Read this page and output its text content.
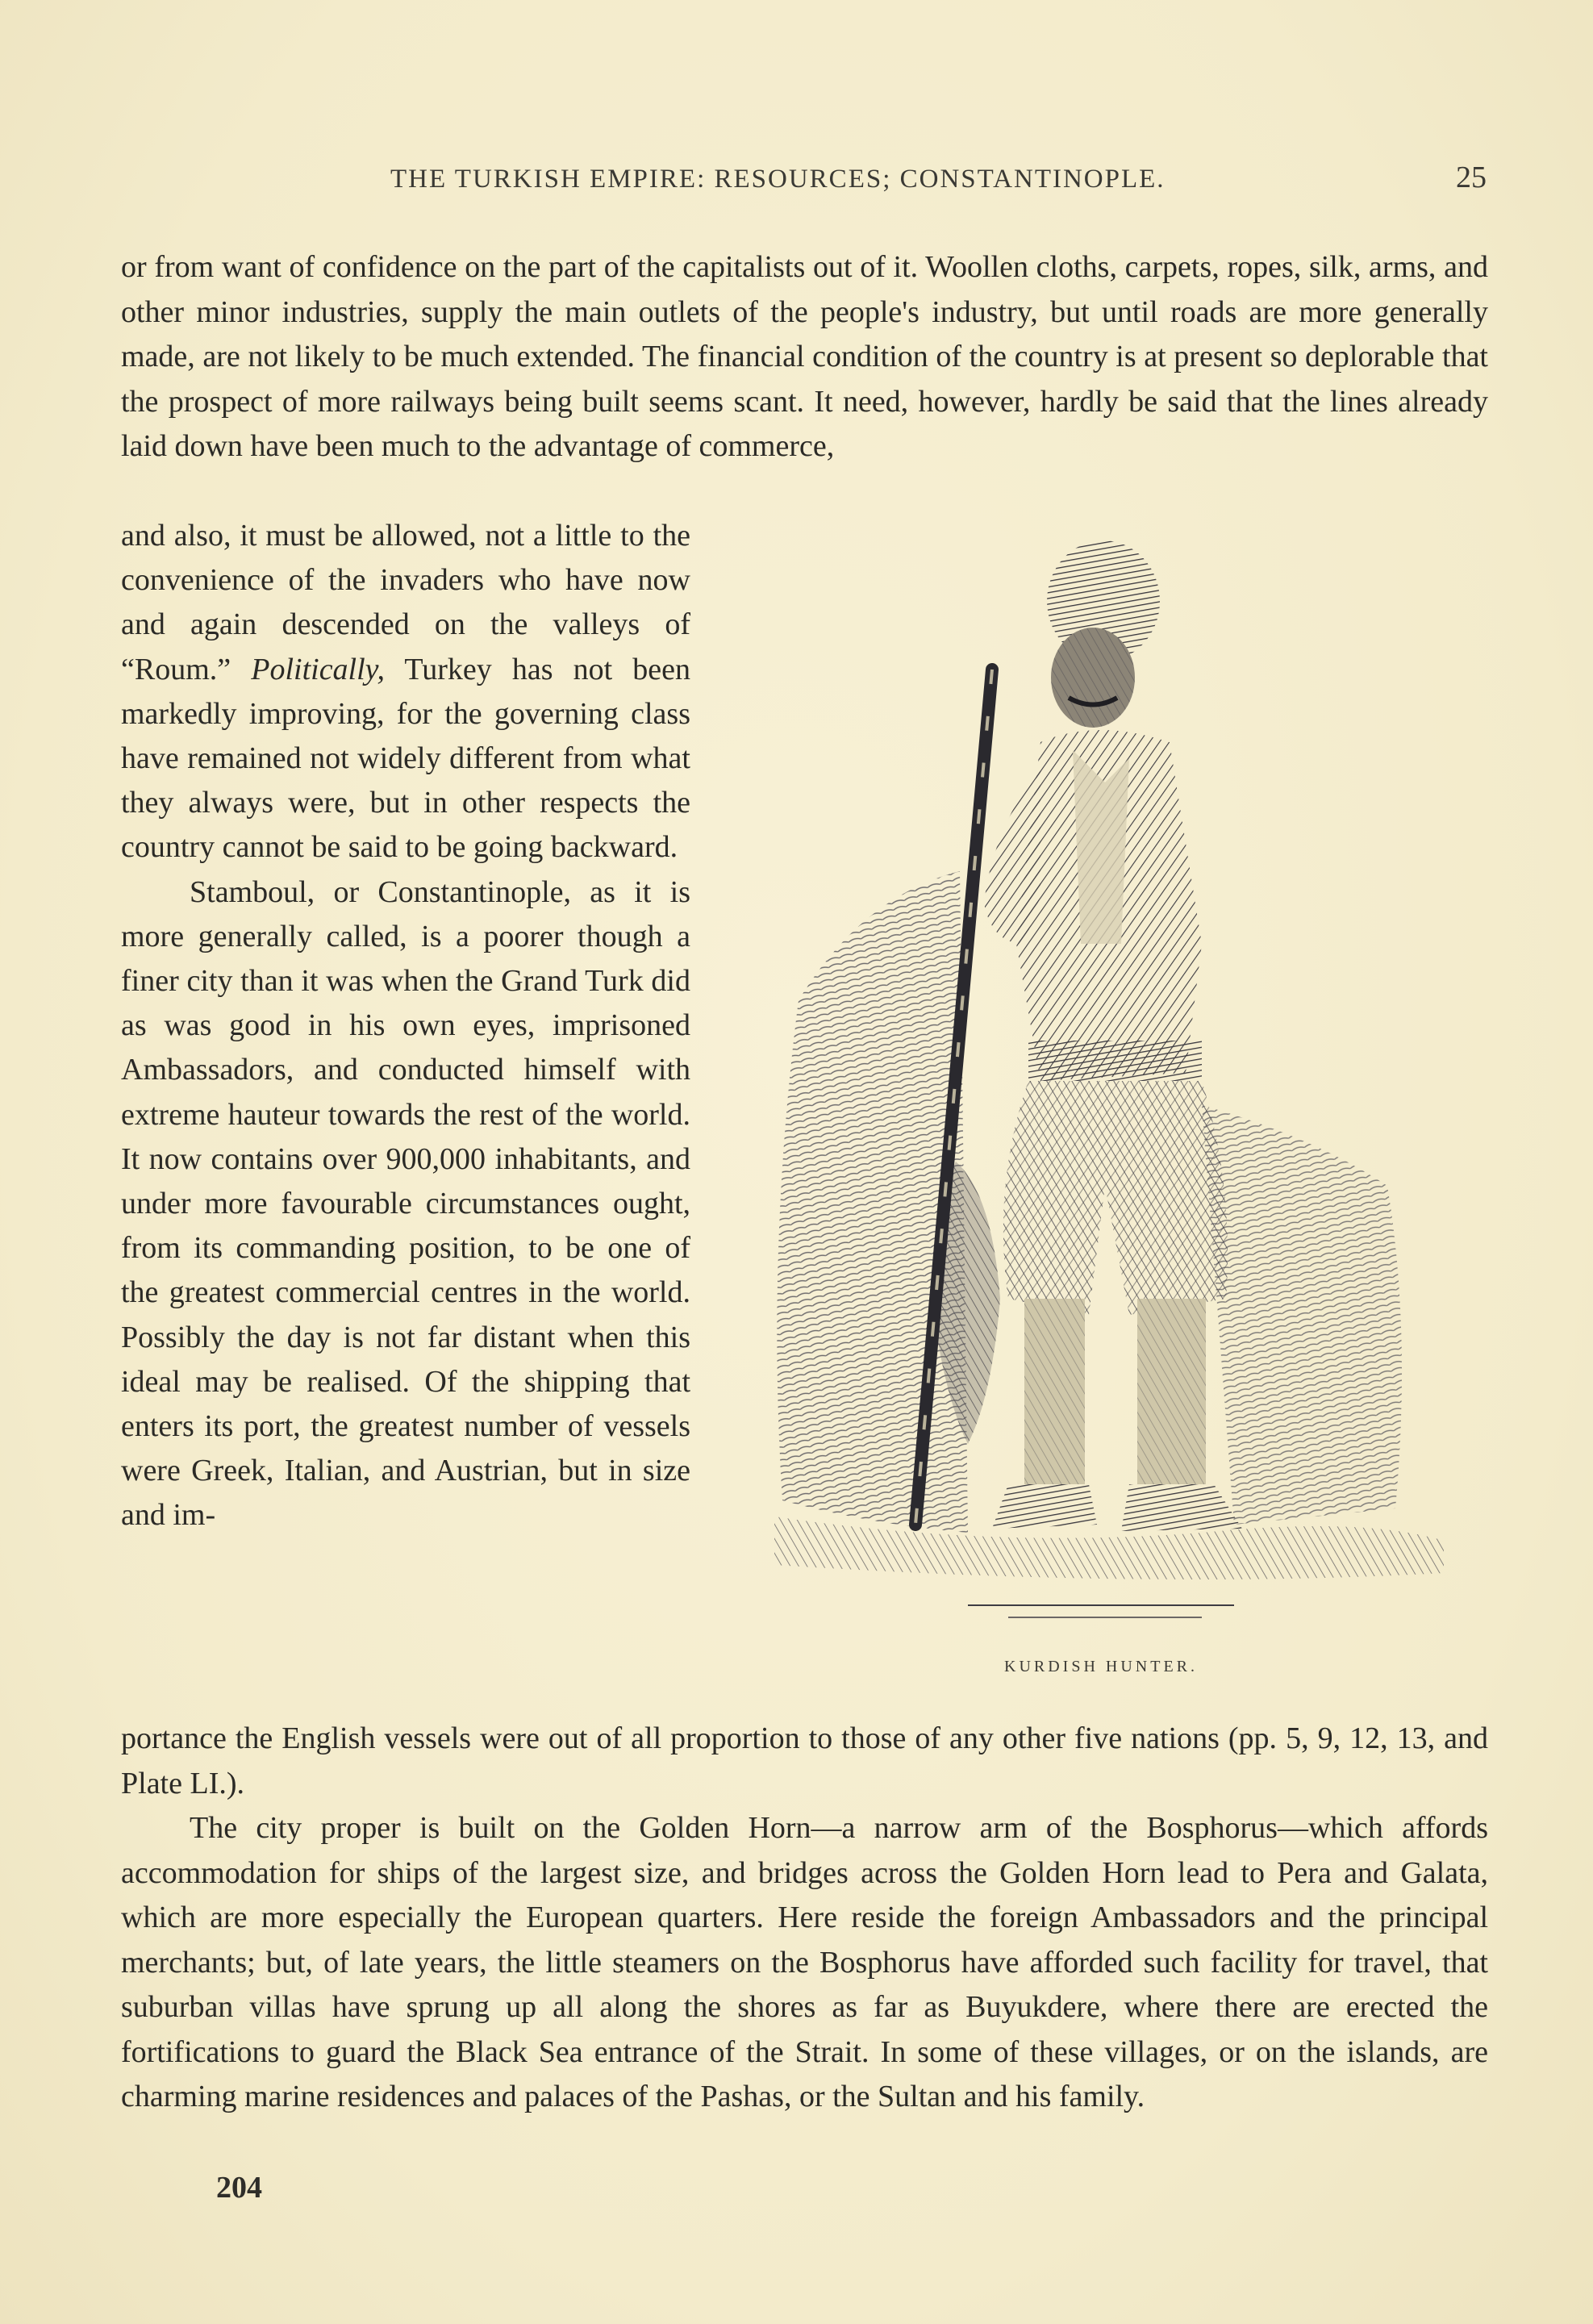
THE TURKISH EMPIRE: RESOURCES; CONSTANTINOPLE.	25

or from want of confidence on the part of the capitalists out of it. Woollen cloths, carpets, ropes, silk, arms, and other minor industries, supply the main outlets of the people's industry, but until roads are more generally made, are not likely to be much extended. The financial condition of the country is at present so deplorable that the prospect of more railways being built seems scant. It need, however, hardly be said that the lines already laid down have been much to the advantage of commerce,

and also, it must be allowed, not a little to the convenience of the invaders who have now and again descended on the valleys of “Roum.” Politically, Turkey has not been markedly improving, for the governing class have remained not widely different from what they always were, but in other respects the country cannot be said to be going backward.

Stamboul, or Constantinople, as it is more generally called, is a poorer though a finer city than it was when the Grand Turk did as was good in his own eyes, imprisoned Ambassadors, and conducted himself with extreme hauteur towards the rest of the world. It now contains over 900,000 inhabitants, and under more favourable circumstances ought, from its commanding position, to be one of the greatest commercial centres in the world. Possibly the day is not far distant when this ideal may be realised. Of the shipping that enters its port, the greatest number of vessels were Greek, Italian, and Austrian, but in size and im-

KURDISH HUNTER.

portance the English vessels were out of all proportion to those of any other five nations (pp. 5, 9, 12, 13, and Plate LI.).

The city proper is built on the Golden Horn—a narrow arm of the Bosphorus—which affords accommodation for ships of the largest size, and bridges across the Golden Horn lead to Pera and Galata, which are more especially the European quarters. Here reside the foreign Ambassadors and the principal merchants; but, of late years, the little steamers on the Bosphorus have afforded such facility for travel, that suburban villas have sprung up all along the shores as far as Buyukdere, where there are erected the fortifications to guard the Black Sea entrance of the Strait. In some of these villages, or on the islands, are charming marine residences and palaces of the Pashas, or the Sultan and his family.

204
